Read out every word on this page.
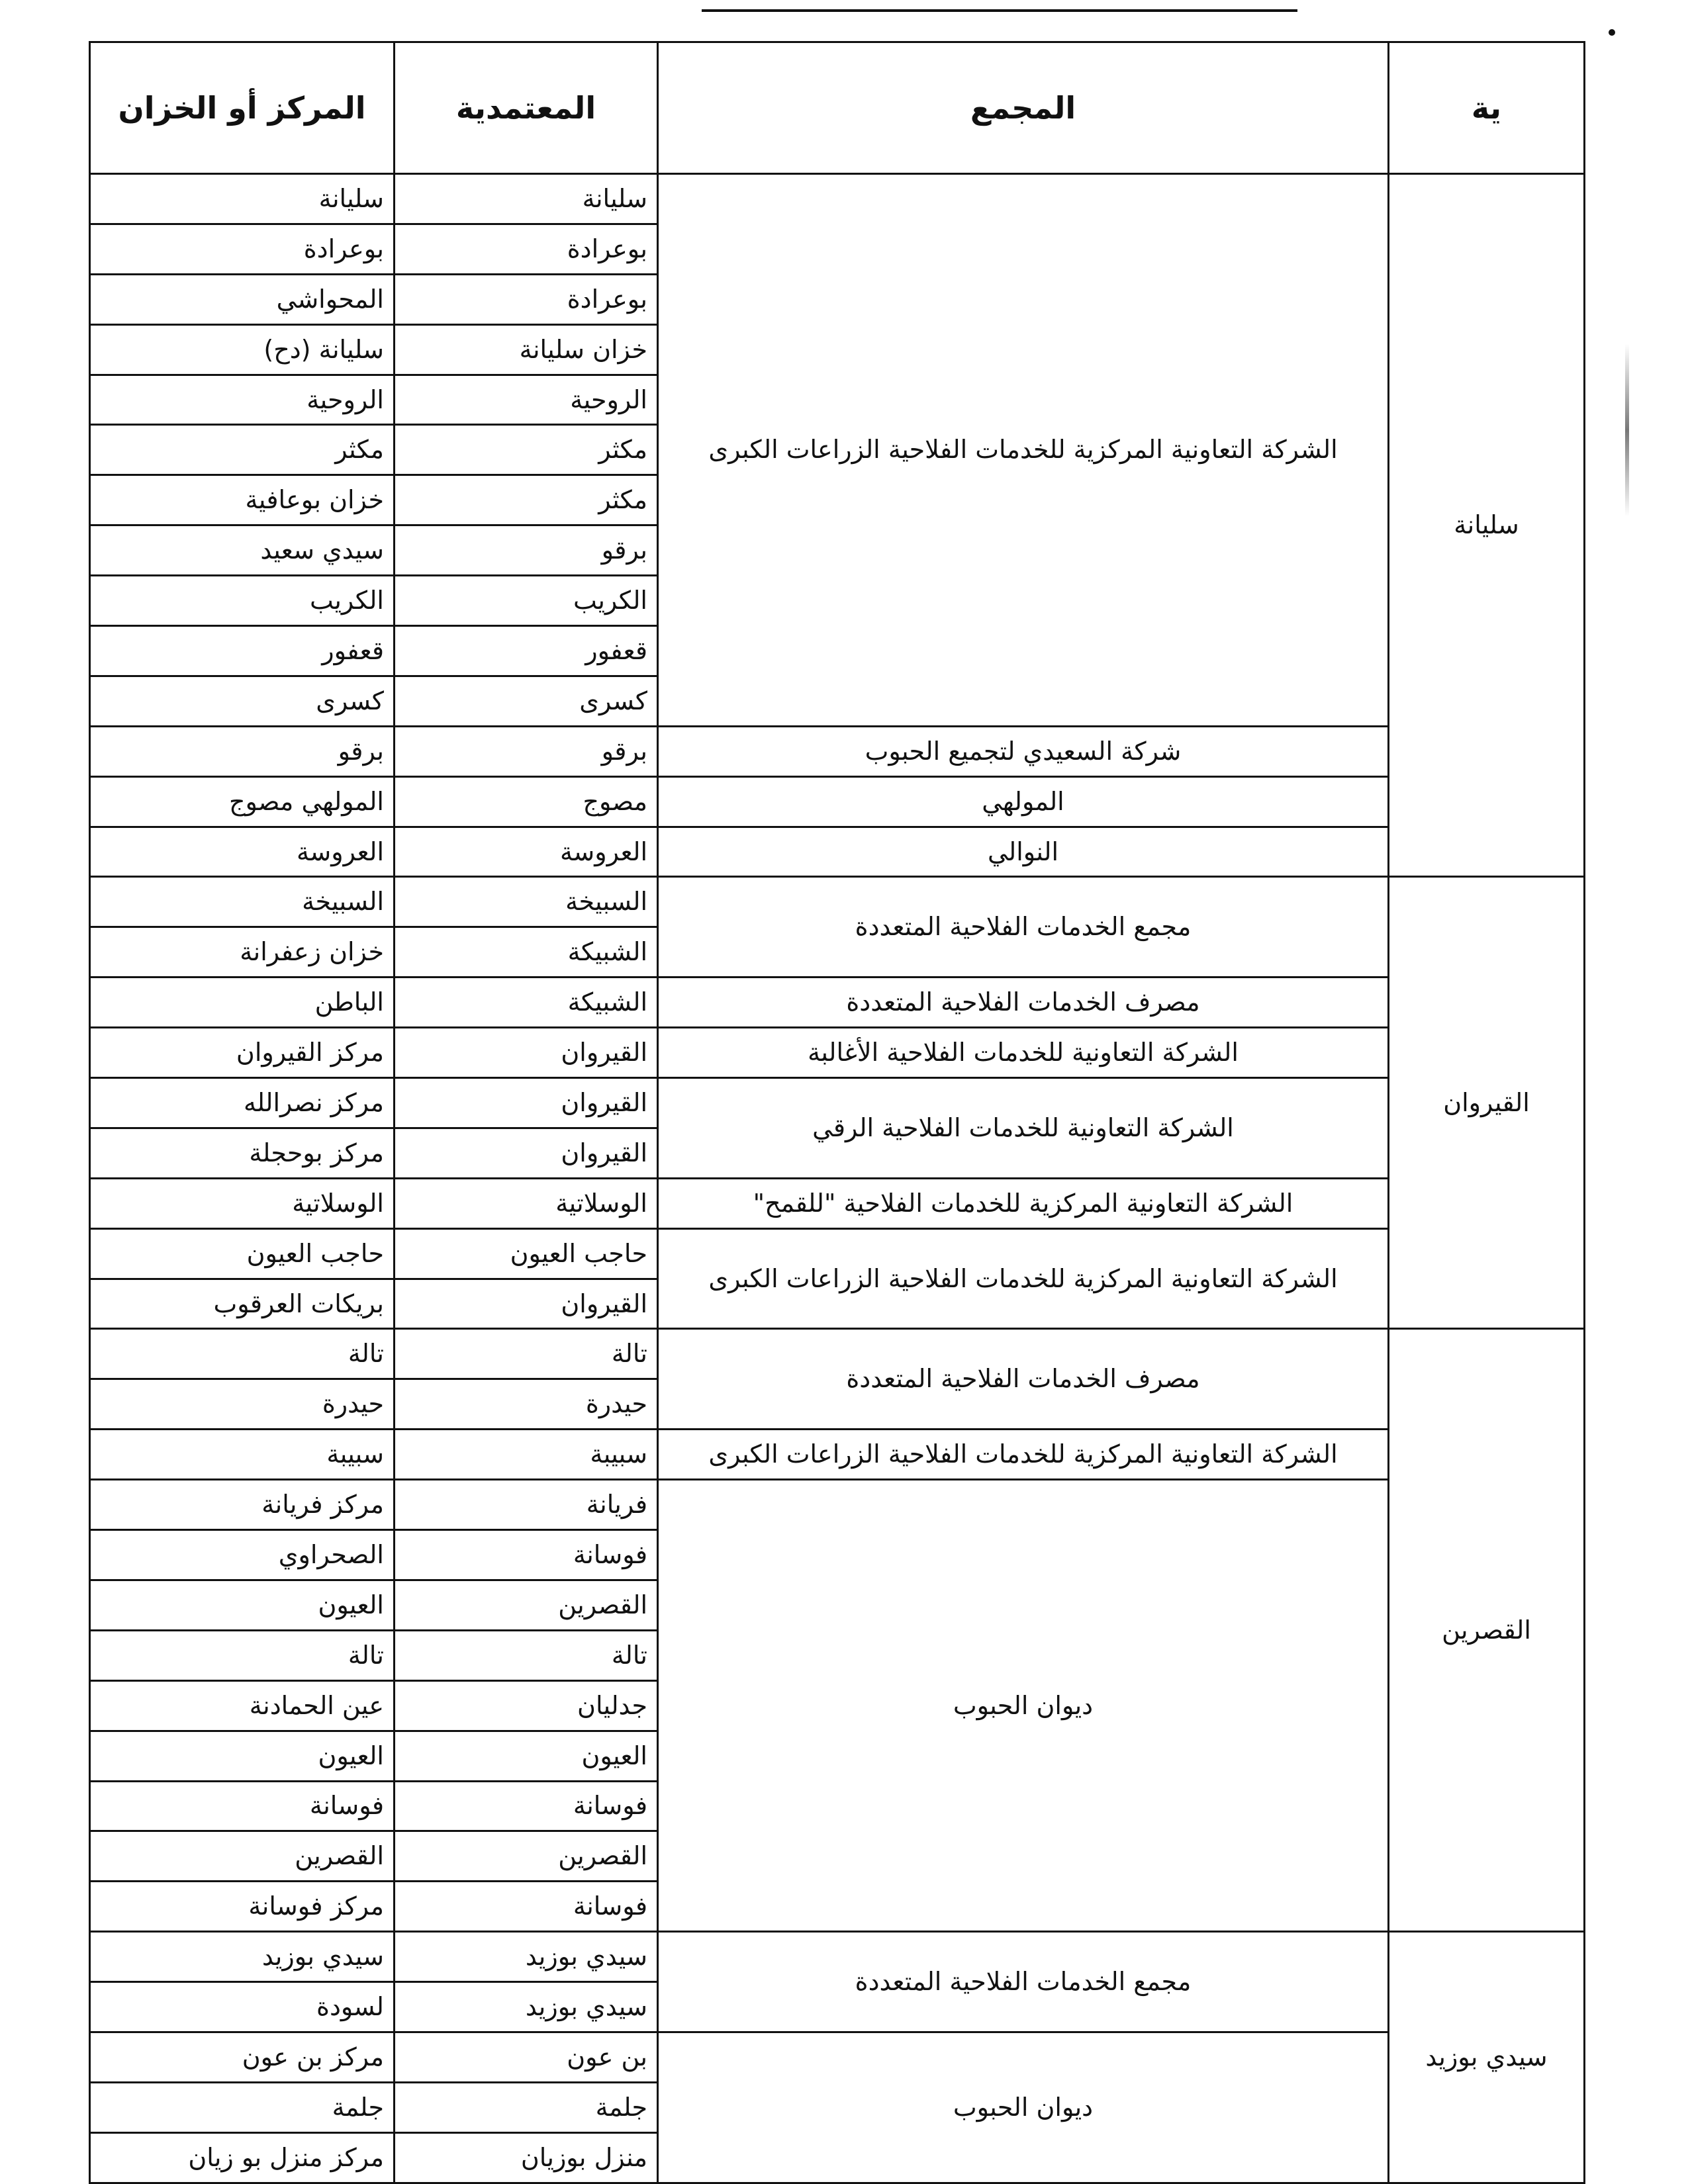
ية	المجمع	المعتمدية	المركز أو الخزان
سليانة	الشركة التعاونية المركزية للخدمات الفلاحية الزراعات الكبرى	سليانة	سليانة
		بوعرادة	بوعرادة
		بوعرادة	المحواشي
		خزان سليانة	سليانة (دح)
		الروحية	الروحية
		مكثر	مكثر
		مكثر	خزان بوعافية
		برقو	سيدي سعيد
		الكريب	الكريب
		قعفور	قعفور
		كسرى	كسرى
	شركة السعيدي لتجميع الحبوب	برقو	برقو
	المولهي	مصوج	المولهي مصوج
	النوالي	العروسة	العروسة
القيروان	مجمع الخدمات الفلاحية المتعددة	السبيخة	السبيخة
		الشبيكة	خزان زعفرانة
	مصرف الخدمات الفلاحية المتعددة	الشبيكة	الباطن
	الشركة التعاونية للخدمات الفلاحية الأغالبة	القيروان	مركز القيروان
	الشركة التعاونية للخدمات الفلاحية الرقي	القيروان	مركز نصرالله
		القيروان	مركز بوحجلة
	الشركة التعاونية المركزية للخدمات الفلاحية "للقمح"	الوسلاتية	الوسلاتية
	الشركة التعاونية المركزية للخدمات الفلاحية الزراعات الكبرى	حاجب العيون	حاجب العيون
		القيروان	بريكات العرقوب
القصرين	مصرف الخدمات الفلاحية المتعددة	تالة	تالة
		حيدرة	حيدرة
	الشركة التعاونية المركزية للخدمات الفلاحية الزراعات الكبرى	سبيبة	سبيبة
	ديوان الحبوب	فريانة	مركز فريانة
		فوسانة	الصحراوي
		القصرين	العيون
		تالة	تالة
		جدليان	عين الحمادنة
		العيون	العيون
		فوسانة	فوسانة
		القصرين	القصرين
		فوسانة	مركز فوسانة
سيدي بوزيد	مجمع الخدمات الفلاحية المتعددة	سيدي بوزيد	سيدي بوزيد
		سيدي بوزيد	لسودة
	ديوان الحبوب	بن عون	مركز بن عون
		جلمة	جلمة
		منزل بوزيان	مركز منزل بو زيان
